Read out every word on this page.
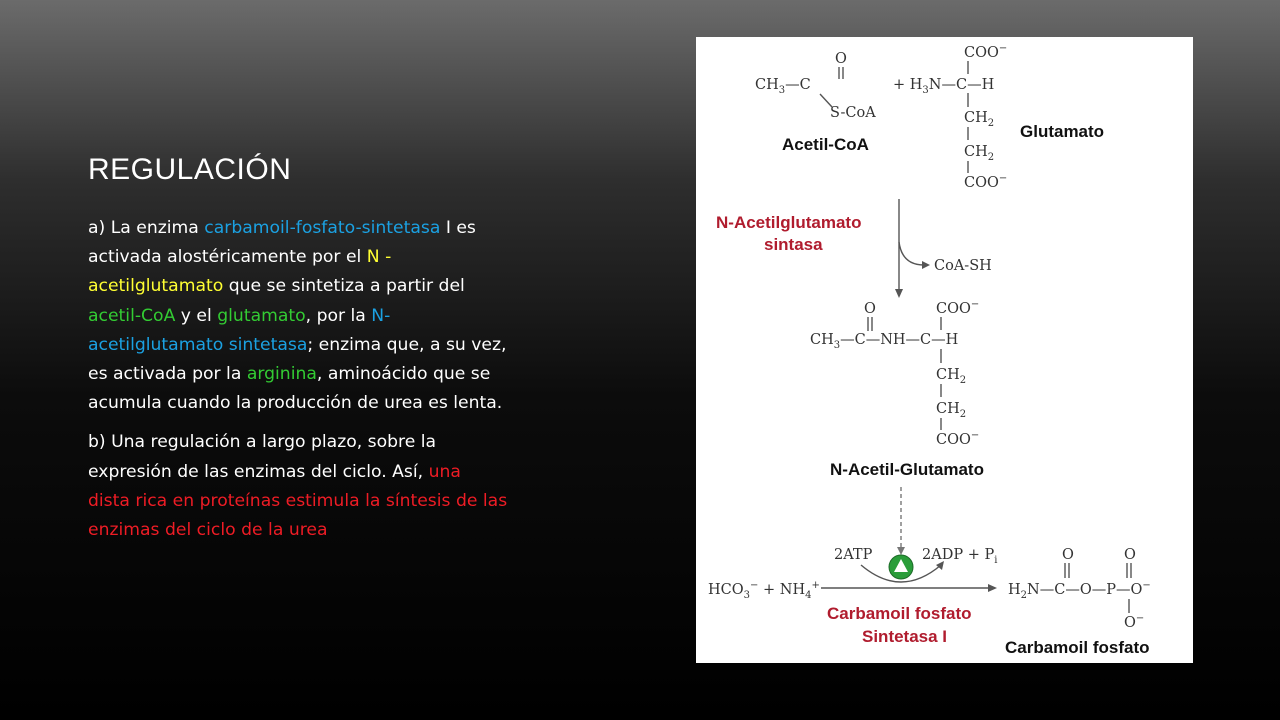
REGULACIÓN

a) La enzima carbamoil-fosfato-sintetasa I es activada alostéricamente por el N - acetilglutamato que se sintetiza a partir del acetil-CoA y el glutamato, por la N- acetilglutamato sintetasa; enzima que, a su vez, es activada por la arginina, aminoácido que se acumula cuando la producción de urea es lenta.

b) Una regulación a largo plazo, sobre la expresión de las enzimas del ciclo. Así, una dista rica en proteínas estimula la síntesis de las enzimas del ciclo de la urea

$CH_3—C$
O
S-CoA
Acetil-CoA
+ $H_3N—C—H$
COO−
$CH_2$
$CH_2$
COO−
Glutamato
N-Acetilglutamato
sintasa
CoA-SH
$CH_3—C—NH—C—H$
O	COO−
$CH_2$
$CH_2$
COO−
N-Acetil-Glutamato
2ATP	$2ADP + P_i$
$HCO_3^- + NH_4^+$	$H_2N—C—O—P—O^-$
O	O
O−
Carbamoil fosfato
Sintetasa I
Carbamoil fosfato
